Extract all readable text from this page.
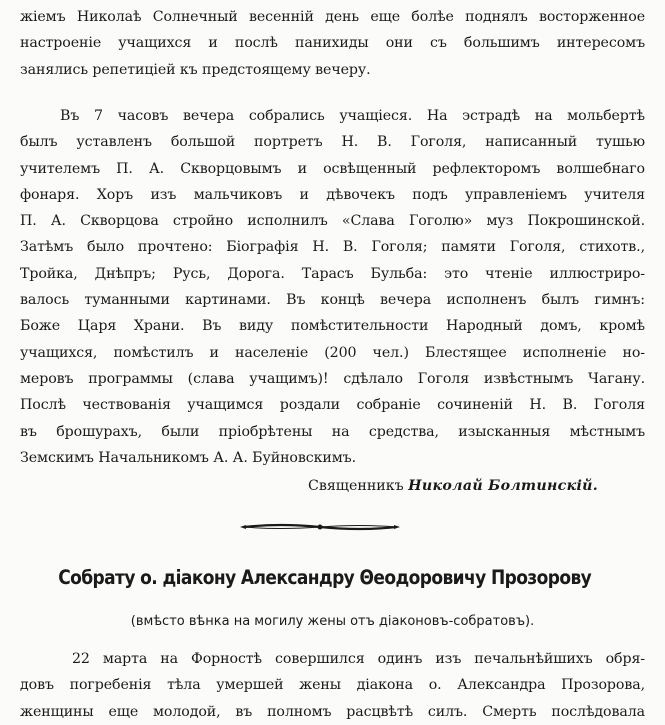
жіемъ Николаѣ Солнечный весенній день еще болѣе поднялъ восторженное
настроеніе учащихся и послѣ панихиды они съ большимъ интересомъ
занялись репетиціей къ предстоящему вечеру.
Въ 7 часовъ вечера собрались учащіеся. На эстрадѣ на мольбертѣ
былъ уставленъ большой портретъ Н. В. Гоголя, написанный тушью
учителемъ П. А. Скворцовымъ и освѣщенный рефлекторомъ волшебнаго
фонаря. Хоръ изъ мальчиковъ и дѣвочекъ подъ управленіемъ учителя
П. А. Скворцова стройно исполнилъ «Слава Гоголю» муз Покрошинской.
Затѣмъ было прочтено: Біографія Н. В. Гоголя; памяти Гоголя, стихотв.,
Тройка, Днѣпръ; Русь, Дорога. Тарасъ Бульба: это чтеніе иллюстриро-
валось туманными картинами. Въ концѣ вечера исполненъ былъ гимнъ:
Боже Царя Храни. Въ виду помѣстительности Народный домъ, кромѣ
учащихся, помѣстилъ и населеніе (200 чел.) Блестящее исполненіе но-
меровъ программы (слава учащимъ)! сдѣлало Гоголя извѣстнымъ Чагану.
Послѣ чествованія учащимся роздали собраніе сочиненій Н. В. Гоголя
въ брошурахъ, были пріобрѣтены на средства, изысканныя мѣстнымъ
Земскимъ Начальникомъ А. А. Буйновскимъ.
Священникъ Николай Болтинскій.
Собрату о. діакону Александру Θеодоровичу Прозорову
(вмѣсто вѣнка на могилу жены отъ діаконовъ-собратовъ).
22 марта на Форностѣ совершился одинъ изъ печальнѣйшихъ обря-
довъ погребенія тѣла умершей жены діакона о. Александра Прозорова,
женщины еще молодой, въ полномъ расцвѣтѣ силъ. Смерть послѣдовала
